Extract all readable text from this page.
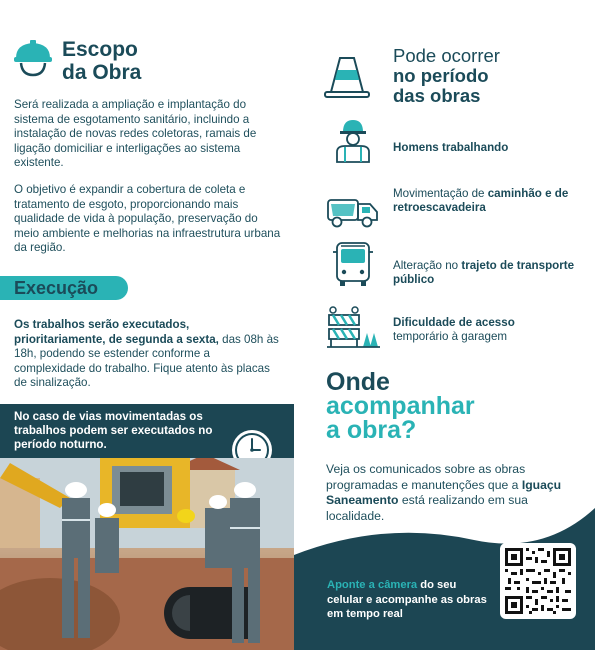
Escopo
da Obra

Será realizada a ampliação e implantação do sistema de esgotamento sanitário, incluindo a instalação de novas redes coletoras, ramais de ligação domiciliar e interligações ao sistema existente.

O objetivo é expandir a cobertura de coleta e tratamento de esgoto, proporcionando mais qualidade de vida à população, preservação do meio ambiente e melhorias na infraestrutura urbana da região.

Execução

Os trabalhos serão executados, prioritariamente, de segunda a sexta, das 08h às 18h, podendo se estender conforme a complexidade do trabalho. Fique atento às placas de sinalização.

No caso de vias movimentadas os trabalhos podem ser executados no período noturno.

Pode ocorrer
no período
das obras

Homens trabalhando

Movimentação de caminhão e de retroescavadeira

Alteração no trajeto de transporte público

Dificuldade de acesso
temporário à garagem

Onde
acompanhar
a obra?

Veja os comunicados sobre as obras programadas e manutenções que a Iguaçu Saneamento está realizando em sua localidade.

Aponte a câmera do seu celular e acompanhe as obras em tempo real
